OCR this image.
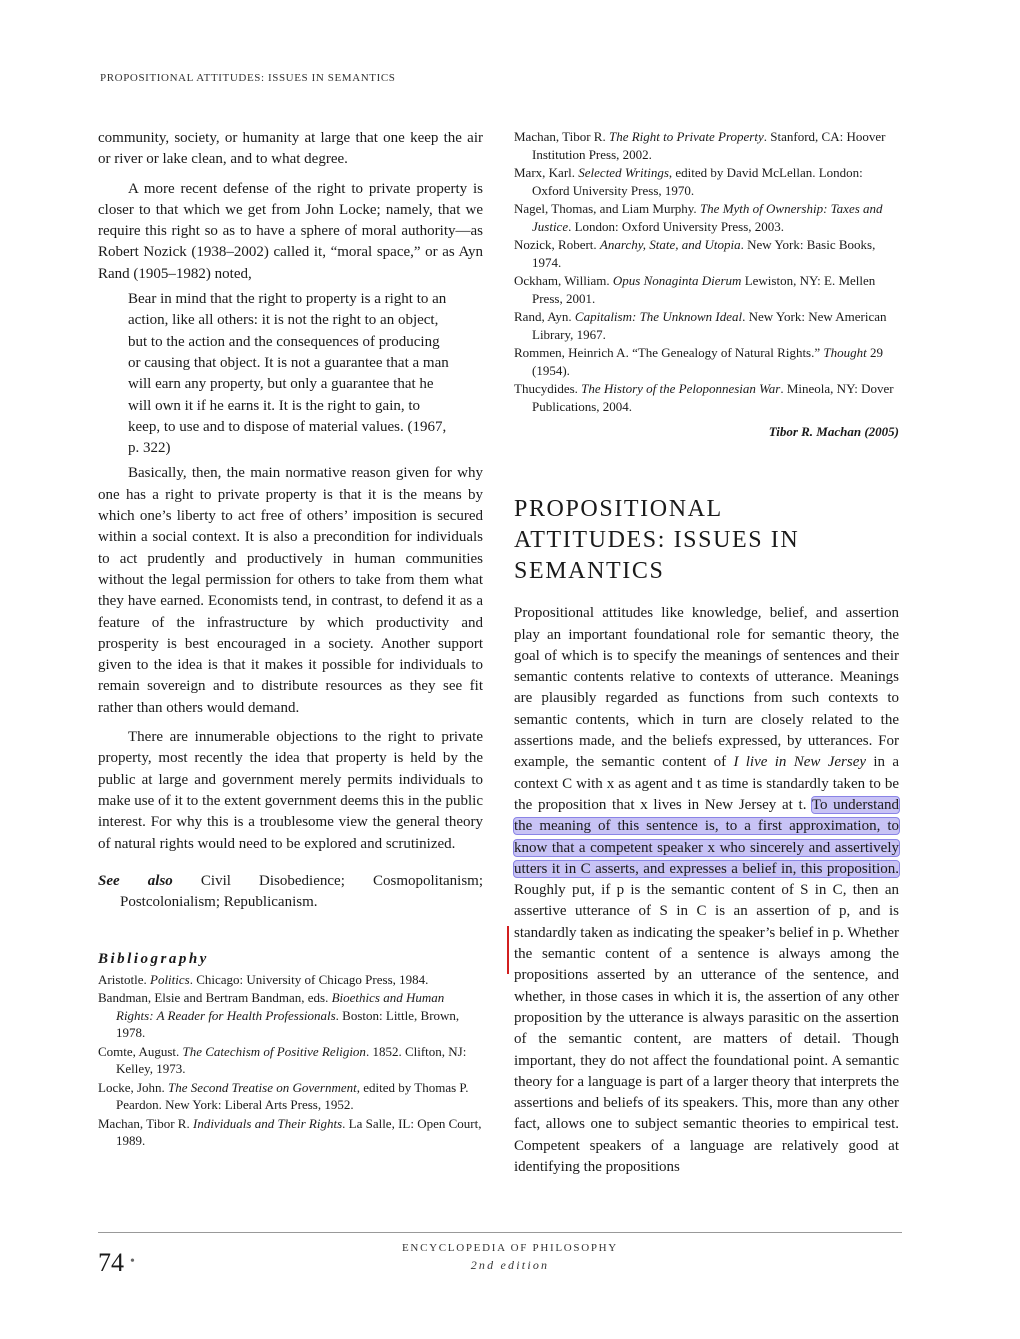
PROPOSITIONAL ATTITUDES: ISSUES IN SEMANTICS

community, society, or humanity at large that one keep the air or river or lake clean, and to what degree.

A more recent defense of the right to private property is closer to that which we get from John Locke; namely, that we require this right so as to have a sphere of moral authority—as Robert Nozick (1938–2002) called it, “moral space,” or as Ayn Rand (1905–1982) noted,

Bear in mind that the right to property is a right to an action, like all others: it is not the right to an object, but to the action and the consequences of producing or causing that object. It is not a guarantee that a man will earn any property, but only a guarantee that he will own it if he earns it. It is the right to gain, to keep, to use and to dispose of material values. (1967, p. 322)

Basically, then, the main normative reason given for why one has a right to private property is that it is the means by which one’s liberty to act free of others’ imposition is secured within a social context. It is also a precondition for individuals to act prudently and productively in human communities without the legal permission for others to take from them what they have earned. Economists tend, in contrast, to defend it as a feature of the infrastructure by which productivity and prosperity is best encouraged in a society. Another support given to the idea is that it makes it possible for individuals to remain sovereign and to distribute resources as they see fit rather than others would demand.

There are innumerable objections to the right to private property, most recently the idea that property is held by the public at large and government merely permits individuals to make use of it to the extent government deems this in the public interest. For why this is a troublesome view the general theory of natural rights would need to be explored and scrutinized.

See also Civil Disobedience; Cosmopolitanism; Postcolonialism; Republicanism.

Bibliography
Aristotle. Politics. Chicago: University of Chicago Press, 1984.
Bandman, Elsie and Bertram Bandman, eds. Bioethics and Human Rights: A Reader for Health Professionals. Boston: Little, Brown, 1978.
Comte, August. The Catechism of Positive Religion. 1852. Clifton, NJ: Kelley, 1973.
Locke, John. The Second Treatise on Government, edited by Thomas P. Peardon. New York: Liberal Arts Press, 1952.
Machan, Tibor R. Individuals and Their Rights. La Salle, IL: Open Court, 1989.
Machan, Tibor R. The Right to Private Property. Stanford, CA: Hoover Institution Press, 2002.
Marx, Karl. Selected Writings, edited by David McLellan. London: Oxford University Press, 1970.
Nagel, Thomas, and Liam Murphy. The Myth of Ownership: Taxes and Justice. London: Oxford University Press, 2003.
Nozick, Robert. Anarchy, State, and Utopia. New York: Basic Books, 1974.
Ockham, William. Opus Nonaginta Dierum Lewiston, NY: E. Mellen Press, 2001.
Rand, Ayn. Capitalism: The Unknown Ideal. New York: New American Library, 1967.
Rommen, Heinrich A. “The Genealogy of Natural Rights.” Thought 29 (1954).
Thucydides. The History of the Peloponnesian War. Mineola, NY: Dover Publications, 2004.
Tibor R. Machan (2005)
PROPOSITIONAL
ATTITUDES: ISSUES IN
SEMANTICS

Propositional attitudes like knowledge, belief, and assertion play an important foundational role for semantic theory, the goal of which is to specify the meanings of sentences and their semantic contents relative to contexts of utterance. Meanings are plausibly regarded as functions from such contexts to semantic contents, which in turn are closely related to the assertions made, and the beliefs expressed, by utterances. For example, the semantic content of I live in New Jersey in a context C with x as agent and t as time is standardly taken to be the proposition that x lives in New Jersey at t. To understand the meaning of this sentence is, to a first approximation, to know that a competent speaker x who sincerely and assertively utters it in C asserts, and expresses a belief in, this proposition. Roughly put, if p is the semantic content of S in C, then an assertive utterance of S in C is an assertion of p, and is standardly taken as indicating the speaker’s belief in p. Whether the semantic content of a sentence is always among the propositions asserted by an utterance of the sentence, and whether, in those cases in which it is, the assertion of any other proposition by the utterance is always parasitic on the assertion of the semantic content, are matters of detail. Though important, they do not affect the foundational point. A semantic theory for a language is part of a larger theory that interprets the assertions and beliefs of its speakers. This, more than any other fact, allows one to subject semantic theories to empirical test. Competent speakers of a language are relatively good at identifying the propositions

74 •
ENCYCLOPEDIA OF PHILOSOPHY
2nd edition
